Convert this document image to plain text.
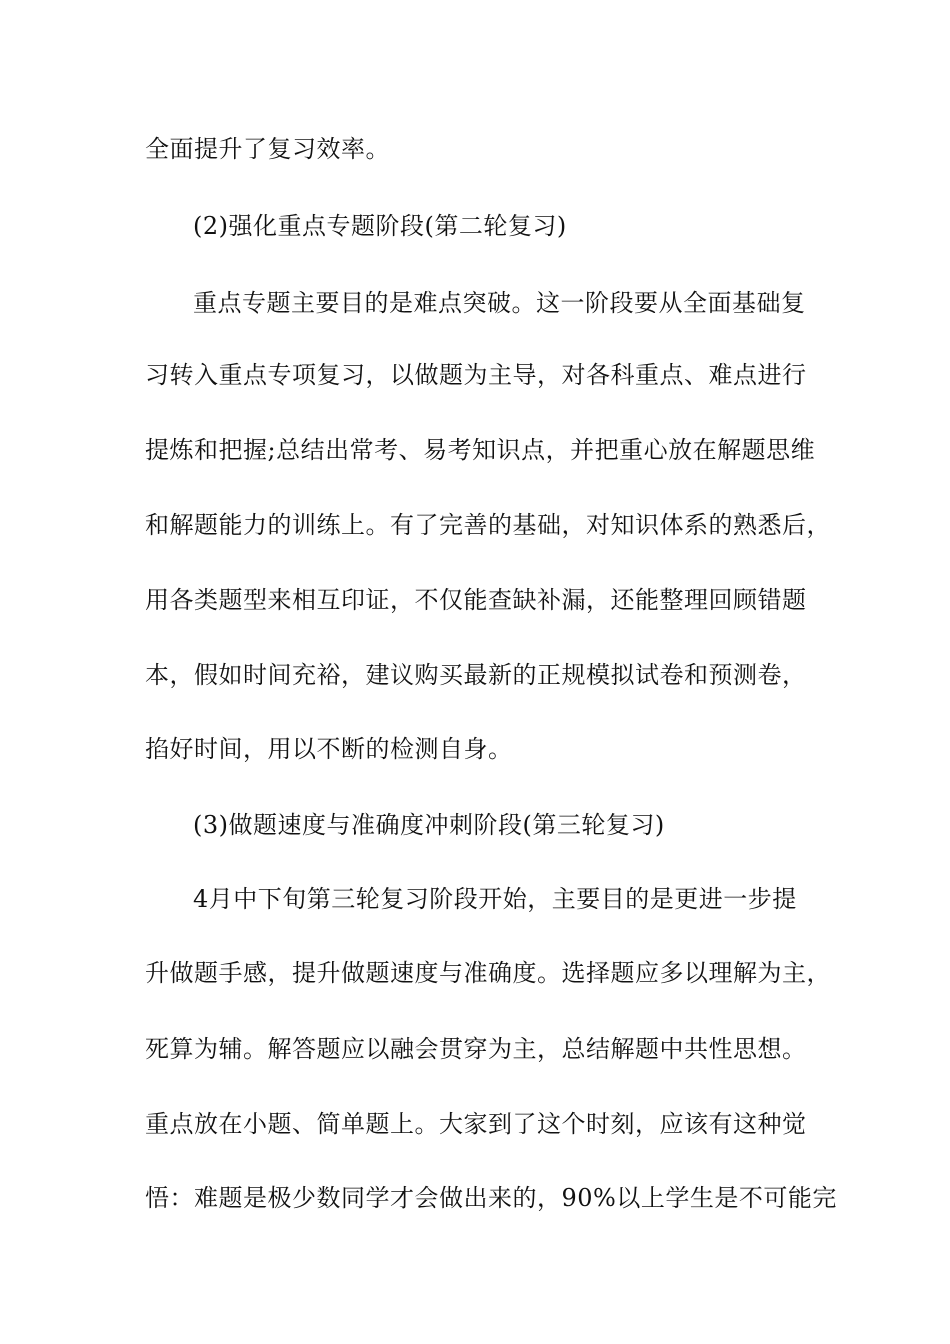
全面提升了复习效率。
(2)强化重点专题阶段(第二轮复习)
重点专题主要目的是难点突破。这一阶段要从全面基础复
习转入重点专项复习，以做题为主导，对各科重点、难点进行
提炼和把握;总结出常考、易考知识点，并把重心放在解题思维
和解题能力的训练上。有了完善的基础，对知识体系的熟悉后，
用各类题型来相互印证，不仅能查缺补漏，还能整理回顾错题
本，假如时间充裕，建议购买最新的正规模拟试卷和预测卷，
掐好时间，用以不断的检测自身。
(3)做题速度与准确度冲刺阶段(第三轮复习)
4月中下旬第三轮复习阶段开始，主要目的是更进一步提
升做题手感，提升做题速度与准确度。选择题应多以理解为主，
死算为辅。解答题应以融会贯穿为主，总结解题中共性思想。
重点放在小题、简单题上。大家到了这个时刻，应该有这种觉
悟：难题是极少数同学才会做出来的，90%以上学生是不可能完
